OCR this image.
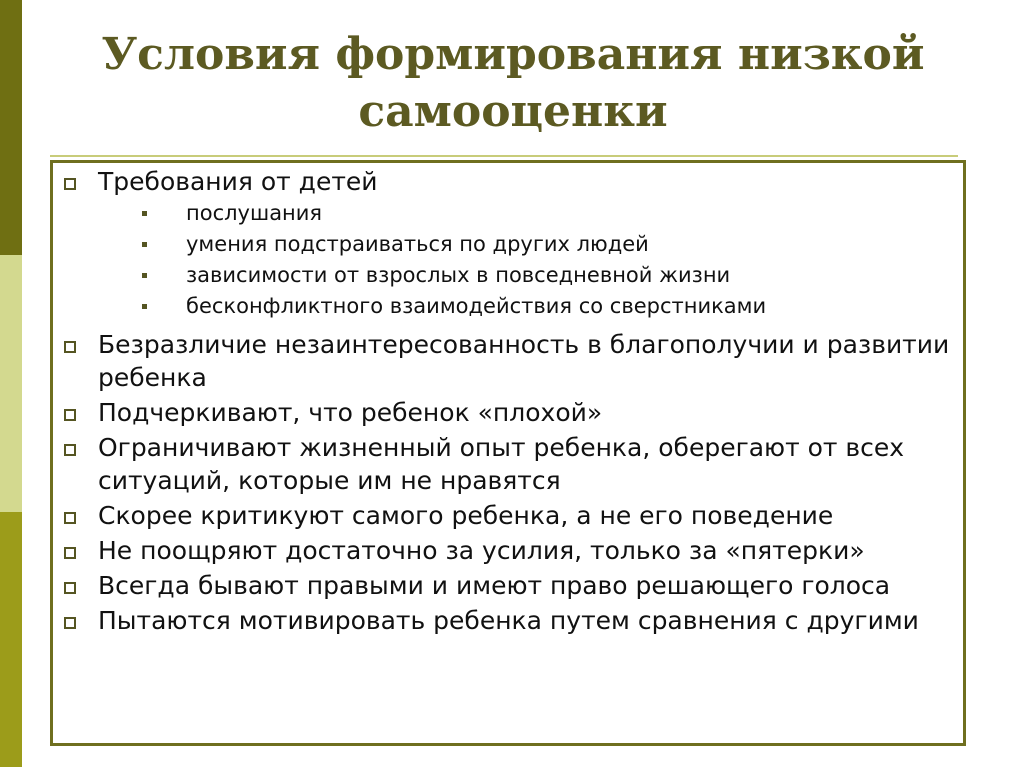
Условия формирования низкой самооценки
Требования от детей
послушания
умения подстраиваться по других людей
зависимости от взрослых в повседневной жизни
бесконфликтного взаимодействия со сверстниками
Безразличие незаинтересованность в благополучии и развитии ребенка
Подчеркивают, что ребенок «плохой»
Ограничивают жизненный опыт ребенка, оберегают от всех ситуаций, которые им не нравятся
Скорее критикуют самого ребенка, а не его поведение
Не поощряют достаточно за усилия, только за «пятерки»
Всегда бывают правыми и имеют право решающего голоса
Пытаются мотивировать ребенка путем сравнения с другими
